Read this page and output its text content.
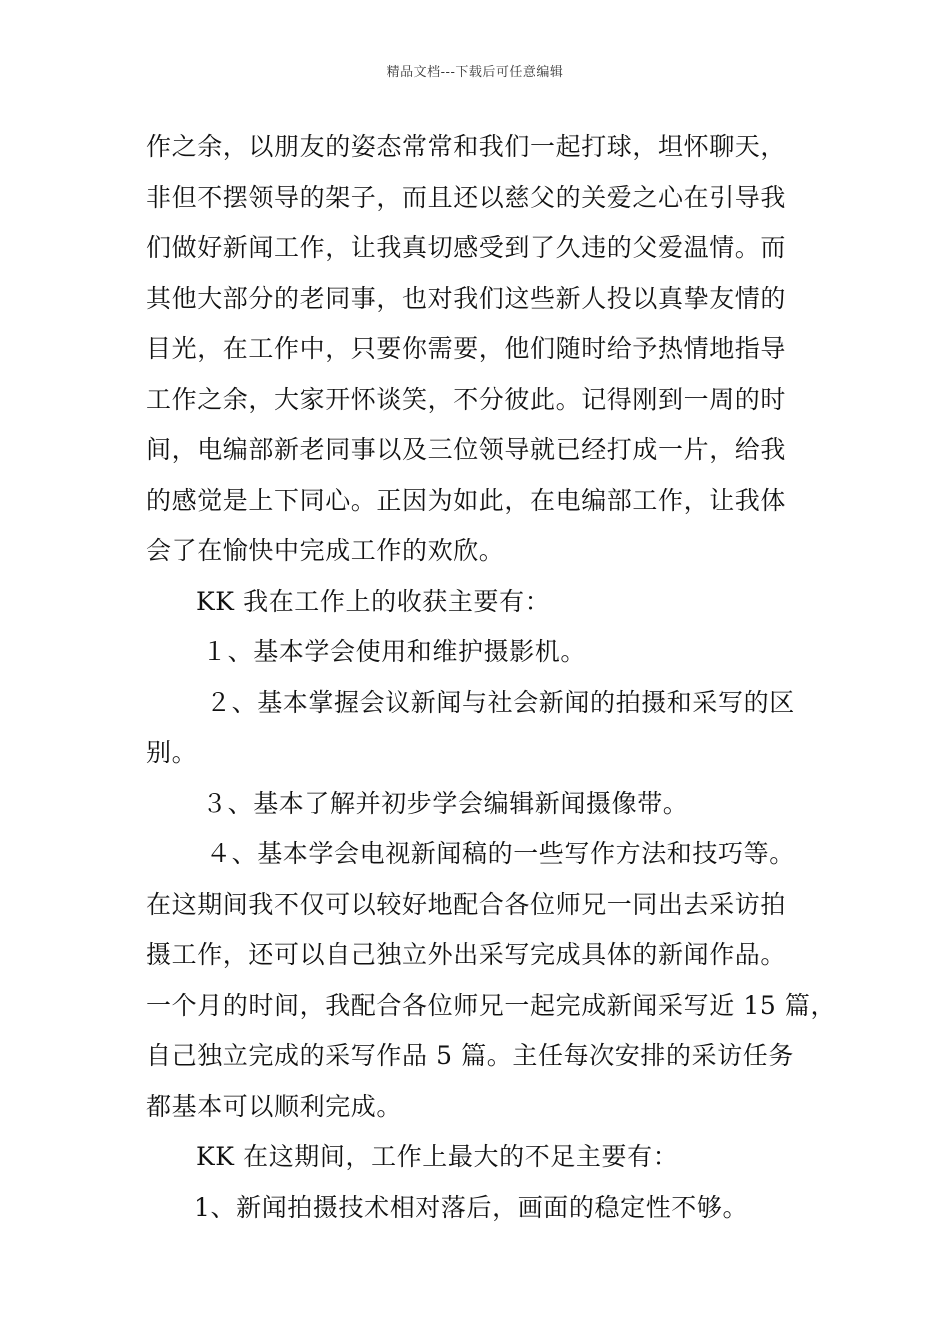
精品文档---下载后可任意编辑
作之余，以朋友的姿态常常和我们一起打球，坦怀聊天，
非但不摆领导的架子，而且还以慈父的关爱之心在引导我
们做好新闻工作，让我真切感受到了久违的父爱温情。而
其他大部分的老同事，也对我们这些新人投以真挚友情的
目光，在工作中，只要你需要，他们随时给予热情地指导
工作之余，大家开怀谈笑，不分彼此。记得刚到一周的时
间，电编部新老同事以及三位领导就已经打成一片，给我
的感觉是上下同心。正因为如此，在电编部工作，让我体
会了在愉快中完成工作的欢欣。
KK 我在工作上的收获主要有：
１、基本学会使用和维护摄影机。
２、基本掌握会议新闻与社会新闻的拍摄和采写的区
别。
３、基本了解并初步学会编辑新闻摄像带。
４、基本学会电视新闻稿的一些写作方法和技巧等。
在这期间我不仅可以较好地配合各位师兄一同出去采访拍
摄工作，还可以自己独立外出采写完成具体的新闻作品。
一个月的时间，我配合各位师兄一起完成新闻采写近 15 篇，
自己独立完成的采写作品 5 篇。主任每次安排的采访任务
都基本可以顺利完成。
KK 在这期间，工作上最大的不足主要有：
1、新闻拍摄技术相对落后，画面的稳定性不够。
